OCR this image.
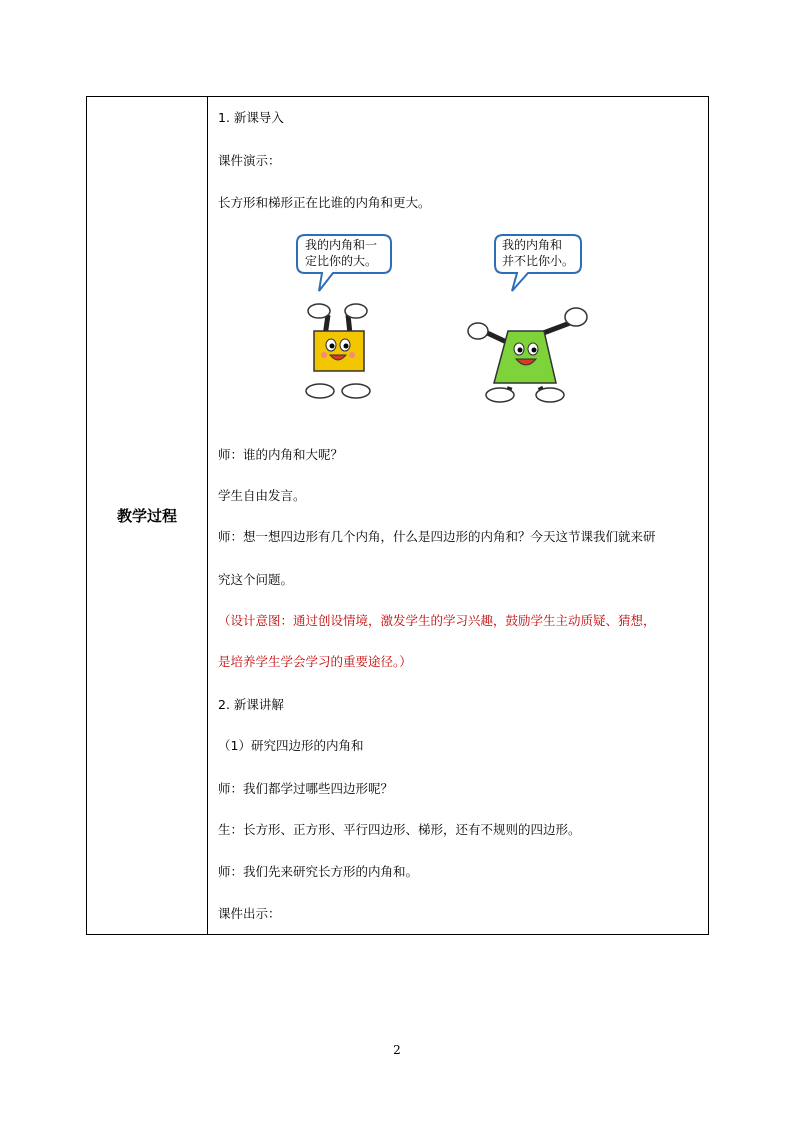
教学过程
1. 新课导入
课件演示：
长方形和梯形正在比谁的内角和更大。
我的内角和一
定比你的大。
我的内角和
并不比你小。
师：谁的内角和大呢？
学生自由发言。
师：想一想四边形有几个内角，什么是四边形的内角和？今天这节课我们就来研
究这个问题。
（设计意图：通过创设情境，激发学生的学习兴趣，鼓励学生主动质疑、猜想，
是培养学生学会学习的重要途径。）
2. 新课讲解
（1）研究四边形的内角和
师：我们都学过哪些四边形呢？
生：长方形、正方形、平行四边形、梯形，还有不规则的四边形。
师：我们先来研究长方形的内角和。
课件出示：
2
